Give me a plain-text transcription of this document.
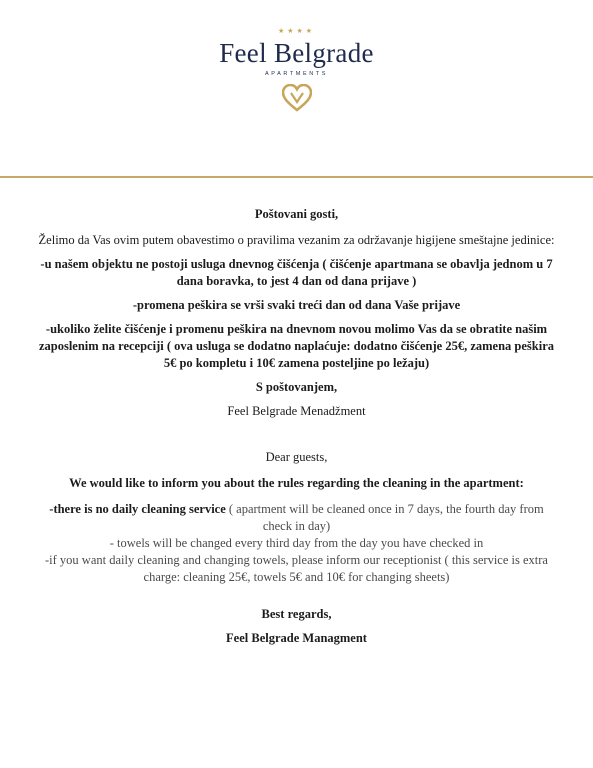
★★★★
Feel Belgrade
APARTMENTS

Poštovani gosti,

Želimo da Vas ovim putem obavestimo o pravilima vezanim za održavanje higijene smeštajne jedinice:

-u našem objektu ne postoji usluga dnevnog čišćenja ( čišćenje apartmana se obavlja jednom u 7 dana boravka, to jest 4 dan od dana prijave )

-promena peškira se vrši svaki treći dan od dana Vaše prijave

-ukoliko želite čišćenje i promenu peškira na dnevnom novou molimo Vas da se obratite našim zaposlenim na recepciji ( ova usluga se dodatno naplaćuje: dodatno čišćenje 25€, zamena peškira 5€ po kompletu i 10€ zamena posteljine po ležaju)

S poštovanjem,

Feel Belgrade Menadžment

Dear guests,

We would like to inform you about the rules regarding the cleaning in the apartment:

-there is no daily cleaning service ( apartment will be cleaned once in 7 days, the fourth day from check in day)

- towels will be changed every third day from the day you have checked in

-if you want daily cleaning and changing towels, please inform our receptionist ( this service is extra charge: cleaning 25€, towels 5€ and 10€ for changing sheets)

Best regards,

Feel Belgrade Managment
